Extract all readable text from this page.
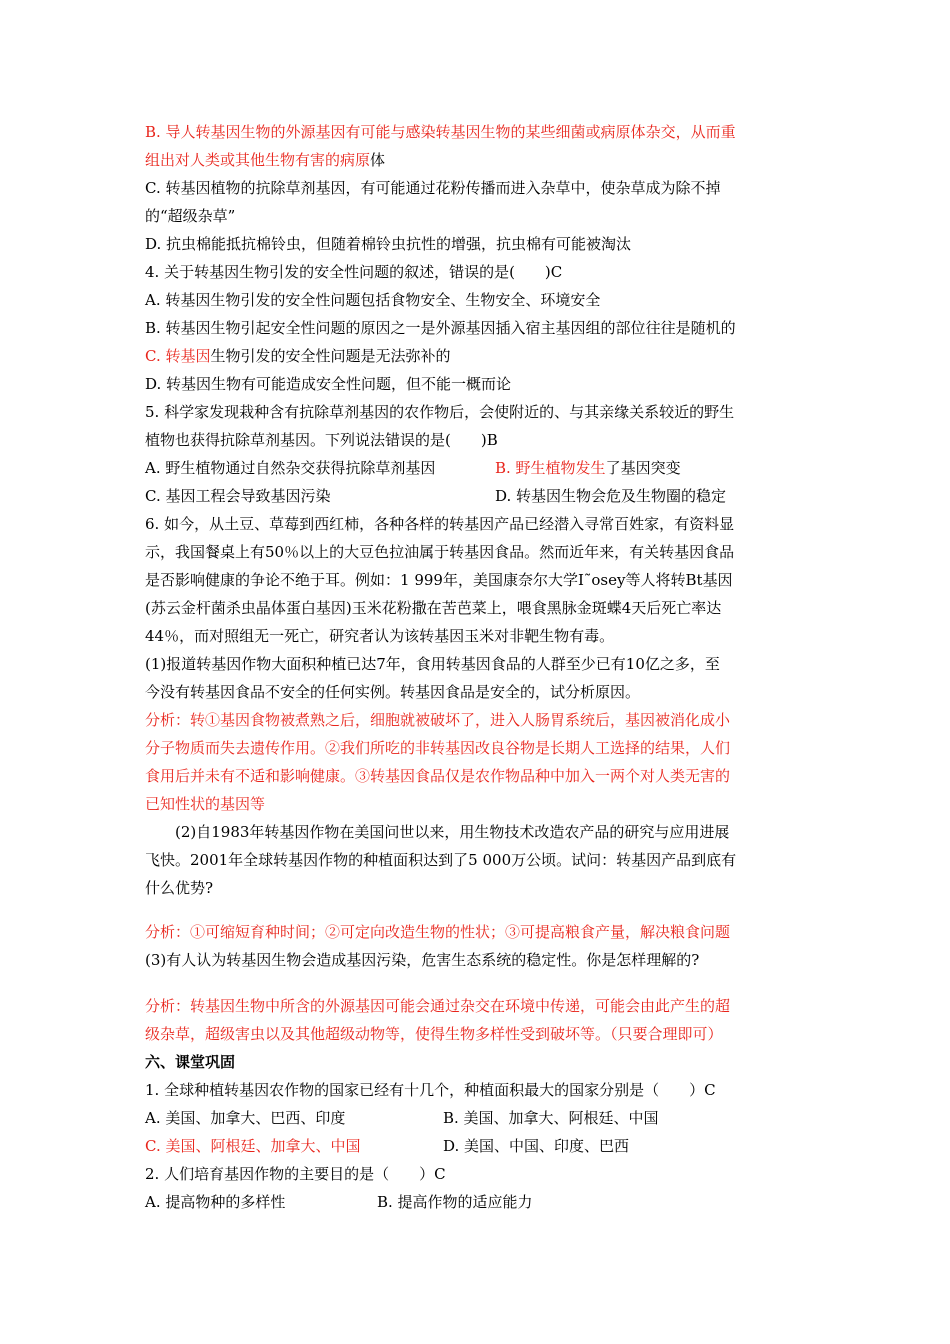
B. 导人转基因生物的外源基因有可能与感染转基因生物的某些细菌或病原体杂交，从而重
组出对人类或其他生物有害的病原体
C. 转基因植物的抗除草剂基因，有可能通过花粉传播而进入杂草中，使杂草成为除不掉
的“超级杂草”
D. 抗虫棉能抵抗棉铃虫，但随着棉铃虫抗性的增强，抗虫棉有可能被淘汰
4. 关于转基因生物引发的安全性问题的叙述，错误的是(　　)C
A. 转基因生物引发的安全性问题包括食物安全、生物安全、环境安全
B. 转基因生物引起安全性问题的原因之一是外源基因插入宿主基因组的部位往往是随机的
C. 转基因生物引发的安全性问题是无法弥补的
D. 转基因生物有可能造成安全性问题，但不能一概而论
5. 科学家发现栽种含有抗除草剂基因的农作物后，会使附近的、与其亲缘关系较近的野生
植物也获得抗除草剂基因。下列说法错误的是(　　)B
A. 野生植物通过自然杂交获得抗除草剂基因	B. 野生植物发生了基因突变
C. 基因工程会导致基因污染	D. 转基因生物会危及生物圈的稳定
6. 如今，从土豆、草莓到西红柿，各种各样的转基因产品已经潜入寻常百姓家，有资料显
示，我国餐桌上有50％以上的大豆色拉油属于转基因食品。然而近年来，有关转基因食品
是否影响健康的争论不绝于耳。例如：1 999年，美国康奈尔大学I˜osey等人将转Bt基因
(苏云金杆菌杀虫晶体蛋白基因)玉米花粉撒在苦芭菜上，喂食黑脉金斑蝶4天后死亡率达
44％，而对照组无一死亡，研究者认为该转基因玉米对非靶生物有毒。
(1)报道转基因作物大面积种植已达7年，食用转基因食品的人群至少已有10亿之多，至
今没有转基因食品不安全的任何实例。转基因食品是安全的，试分析原因。
分析：转①基因食物被煮熟之后，细胞就被破坏了，进入人肠胃系统后，基因被消化成小
分子物质而失去遗传作用。②我们所吃的非转基因改良谷物是长期人工选择的结果，人们
食用后并未有不适和影响健康。③转基因食品仅是农作物品种中加入一两个对人类无害的
已知性状的基因等
(2)自1983年转基因作物在美国问世以来，用生物技术改造农产品的研究与应用进展
飞快。2001年全球转基因作物的种植面积达到了5 000万公顷。试问：转基因产品到底有
什么优势?
分析：①可缩短育种时间；②可定向改造生物的性状；③可提高粮食产量，解决粮食问题
(3)有人认为转基因生物会造成基因污染，危害生态系统的稳定性。你是怎样理解的?
分析：转基因生物中所含的外源基因可能会通过杂交在环境中传递，可能会由此产生的超
级杂草，超级害虫以及其他超级动物等，使得生物多样性受到破坏等。（只要合理即可）
六、课堂巩固
1. 全球种植转基因农作物的国家已经有十几个，种植面积最大的国家分别是（　　）C
A. 美国、加拿大、巴西、印度	B. 美国、加拿大、阿根廷、中国
C. 美国、阿根廷、加拿大、中国	D. 美国、中国、印度、巴西
2. 人们培育基因作物的主要目的是（　　）C
A. 提高物种的多样性	B. 提高作物的适应能力
